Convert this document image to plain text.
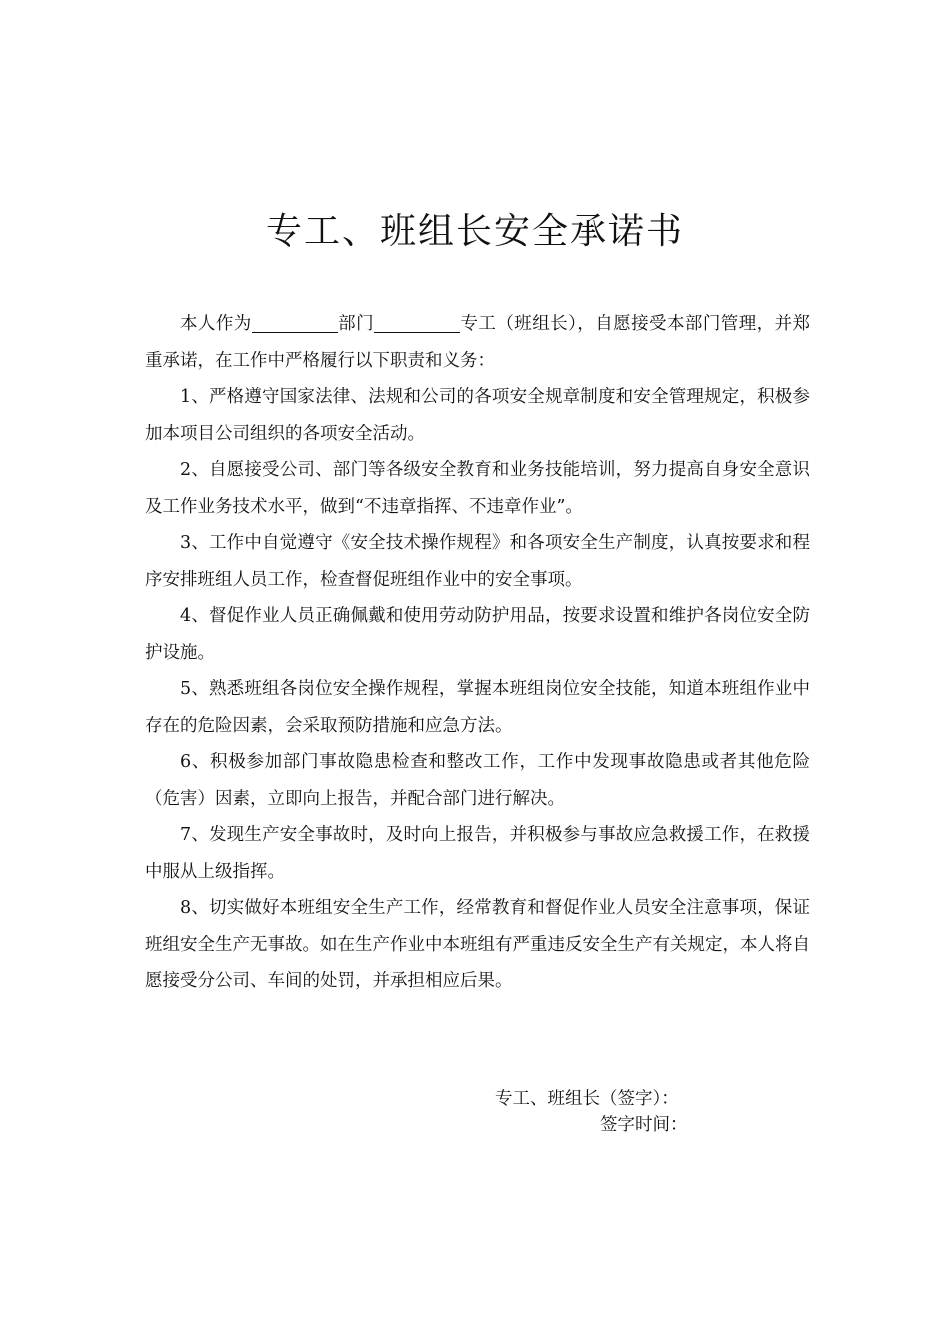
专工、班组长安全承诺书

本人作为	部门	专工（班组长），自愿接受本部门管理，并郑重承诺，在工作中严格履行以下职责和义务：

1、严格遵守国家法律、法规和公司的各项安全规章制度和安全管理规定，积极参加本项目公司组织的各项安全活动。

2、自愿接受公司、部门等各级安全教育和业务技能培训，努力提高自身安全意识及工作业务技术水平，做到“不违章指挥、不违章作业”。

3、工作中自觉遵守《安全技术操作规程》和各项安全生产制度，认真按要求和程序安排班组人员工作，检查督促班组作业中的安全事项。

4、督促作业人员正确佩戴和使用劳动防护用品，按要求设置和维护各岗位安全防护设施。

5、熟悉班组各岗位安全操作规程，掌握本班组岗位安全技能，知道本班组作业中存在的危险因素，会采取预防措施和应急方法。

6、积极参加部门事故隐患检查和整改工作，工作中发现事故隐患或者其他危险（危害）因素，立即向上报告，并配合部门进行解决。

7、发现生产安全事故时，及时向上报告，并积极参与事故应急救援工作，在救援中服从上级指挥。

8、切实做好本班组安全生产工作，经常教育和督促作业人员安全注意事项，保证班组安全生产无事故。如在生产作业中本班组有严重违反安全生产有关规定，本人将自愿接受分公司、车间的处罚，并承担相应后果。

专工、班组长（签字）：

签字时间：
